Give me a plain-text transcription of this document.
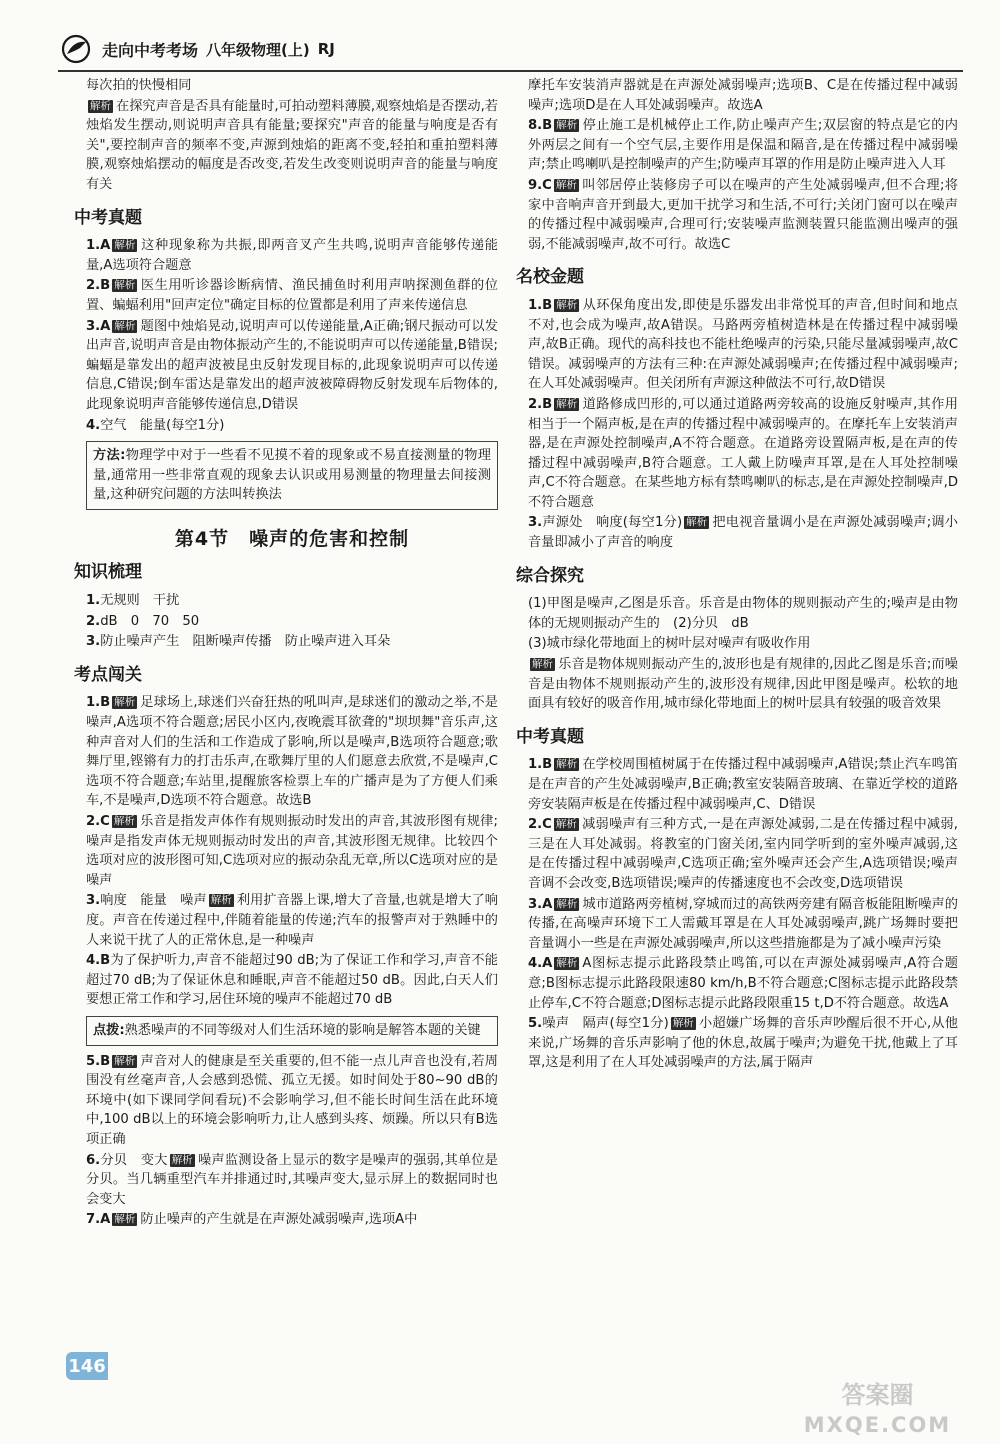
走向中考考场 八年级物理(上) RJ

每次拍的快慢相同

解析 在探究声音是否具有能量时,可拍动塑料薄膜,观察烛焰是否摆动,若烛焰发生摆动,则说明声音具有能量;要探究"声音的能量与响度是否有关",要控制声音的频率不变,声源到烛焰的距离不变,轻拍和重拍塑料薄膜,观察烛焰摆动的幅度是否改变,若发生改变则说明声音的能量与响度有关

中考真题

1.A 解析 这种现象称为共振,即两音叉产生共鸣,说明声音能够传递能量,A选项符合题意

2.B 解析 医生用听诊器诊断病情、渔民捕鱼时利用声呐探测鱼群的位置、蝙蝠利用"回声定位"确定目标的位置都是利用了声来传递信息

3.A 解析 题图中烛焰晃动,说明声可以传递能量,A正确;钢尺振动可以发出声音,说明声音是由物体振动产生的,不能说明声可以传递能量,B错误;蝙蝠是靠发出的超声波被昆虫反射发现目标的,此现象说明声可以传递信息,C错误;倒车雷达是靠发出的超声波被障碍物反射发现车后物体的,此现象说明声音能够传递信息,D错误

4.空气　能量(每空1分)

方法:物理学中对于一些看不见摸不着的现象或不易直接测量的物理量,通常用一些非常直观的现象去认识或用易测量的物理量去间接测量,这种研究问题的方法叫转换法
第4节　噪声的危害和控制
知识梳理

1.无规则　干扰

2.dB　0　70　50

3.防止噪声产生　阻断噪声传播　防止噪声进入耳朵

考点闯关

1.B 解析 足球场上,球迷们兴奋狂热的吼叫声,是球迷们的激动之举,不是噪声,A选项不符合题意;居民小区内,夜晚震耳欲聋的"坝坝舞"音乐声,这种声音对人们的生活和工作造成了影响,所以是噪声,B选项符合题意;歌舞厅里,铿锵有力的打击乐声,在歌舞厅里的人们愿意去欣赏,不是噪声,C选项不符合题意;车站里,提醒旅客检票上车的广播声是为了方便人们乘车,不是噪声,D选项不符合题意。故选B

2.C 解析 乐音是指发声体作有规则振动时发出的声音,其波形图有规律;噪声是指发声体无规则振动时发出的声音,其波形图无规律。比较四个选项对应的波形图可知,C选项对应的振动杂乱无章,所以C选项对应的是噪声

3.响度　能量　噪声 解析 利用扩音器上课,增大了音量,也就是增大了响度。声音在传递过程中,伴随着能量的传递;汽车的报警声对于熟睡中的人来说干扰了人的正常休息,是一种噪声

4.B为了保护听力,声音不能超过90 dB;为了保证工作和学习,声音不能超过70 dB;为了保证休息和睡眠,声音不能超过50 dB。因此,白天人们要想正常工作和学习,居住环境的噪声不能超过70 dB

点拨:熟悉噪声的不同等级对人们生活环境的影响是解答本题的关键

5.B 解析 声音对人的健康是至关重要的,但不能一点儿声音也没有,若周围没有丝毫声音,人会感到恐慌、孤立无援。如时间处于80~90 dB的环境中(如下课同学间看玩)不会影响学习,但不能长时间生活在此环境中,100 dB以上的环境会影响听力,让人感到头疼、烦躁。所以只有B选项正确

6.分贝　变大 解析 噪声监测设备上显示的数字是噪声的强弱,其单位是分贝。当几辆重型汽车并排通过时,其噪声变大,显示屏上的数据同时也会变大

7.A 解析 防止噪声的产生就是在声源处减弱噪声,选项A中

摩托车安装消声器就是在声源处减弱噪声;选项B、C是在传播过程中减弱噪声;选项D是在人耳处减弱噪声。故选A

8.B 解析 停止施工是机械停止工作,防止噪声产生;双层窗的特点是它的内外两层之间有一个空气层,主要作用是保温和隔音,是在传播过程中减弱噪声;禁止鸣喇叭是控制噪声的产生;防噪声耳罩的作用是防止噪声进入人耳

9.C 解析 叫邻居停止装修房子可以在噪声的产生处减弱噪声,但不合理;将家中音响声音开到最大,更加干扰学习和生活,不可行;关闭门窗可以在噪声的传播过程中减弱噪声,合理可行;安装噪声监测装置只能监测出噪声的强弱,不能减弱噪声,故不可行。故选C

名校金题

1.B 解析 从环保角度出发,即使是乐器发出非常悦耳的声音,但时间和地点不对,也会成为噪声,故A错误。马路两旁植树造林是在传播过程中减弱噪声,故B正确。现代的高科技也不能杜绝噪声的污染,只能尽量减弱噪声,故C错误。减弱噪声的方法有三种:在声源处减弱噪声;在传播过程中减弱噪声;在人耳处减弱噪声。但关闭所有声源这种做法不可行,故D错误

2.B 解析 道路修成凹形的,可以通过道路两旁较高的设施反射噪声,其作用相当于一个隔声板,是在声的传播过程中减弱噪声的。在摩托车上安装消声器,是在声源处控制噪声,A不符合题意。在道路旁设置隔声板,是在声的传播过程中减弱噪声,B符合题意。工人戴上防噪声耳罩,是在人耳处控制噪声,C不符合题意。在某些地方标有禁鸣喇叭的标志,是在声源处控制噪声,D不符合题意

3.声源处　响度(每空1分) 解析 把电视音量调小是在声源处减弱噪声;调小音量即减小了声音的响度

综合探究

(1)甲图是噪声,乙图是乐音。乐音是由物体的规则振动产生的;噪声是由物体的无规则振动产生的　(2)分贝　dB

(3)城市绿化带地面上的树叶层对噪声有吸收作用

解析 乐音是物体规则振动产生的,波形也是有规律的,因此乙图是乐音;而噪音是由物体不规则振动产生的,波形没有规律,因此甲图是噪声。松软的地面具有较好的吸音作用,城市绿化带地面上的树叶层具有较强的吸音效果

中考真题

1.B 解析 在学校周围植树属于在传播过程中减弱噪声,A错误;禁止汽车鸣笛是在声音的产生处减弱噪声,B正确;教室安装隔音玻璃、在靠近学校的道路旁安装隔声板是在传播过程中减弱噪声,C、D错误

2.C 解析 减弱噪声有三种方式,一是在声源处减弱,二是在传播过程中减弱,三是在人耳处减弱。将教室的门窗关闭,室内同学听到的室外噪声减弱,这是在传播过程中减弱噪声,C选项正确;室外噪声还会产生,A选项错误;噪声音调不会改变,B选项错误;噪声的传播速度也不会改变,D选项错误

3.A 解析 城市道路两旁植树,穿城而过的高铁两旁建有隔音板能阻断噪声的传播,在高噪声环境下工人需戴耳罩是在人耳处减弱噪声,跳广场舞时要把音量调小一些是在声源处减弱噪声,所以这些措施都是为了减小噪声污染

4.A 解析 A图标志提示此路段禁止鸣笛,可以在声源处减弱噪声,A符合题意;B图标志提示此路段限速80 km/h,B不符合题意;C图标志提示此路段禁止停车,C不符合题意;D图标志提示此路段限重15 t,D不符合题意。故选A

5.噪声　隔声(每空1分) 解析 小超嫌广场舞的音乐声吵醒后很不开心,从他来说,广场舞的音乐声影响了他的休息,故属于噪声;为避免干扰,他戴上了耳罩,这是利用了在人耳处减弱噪声的方法,属于隔声

146
答案圈
MXQE.COM
